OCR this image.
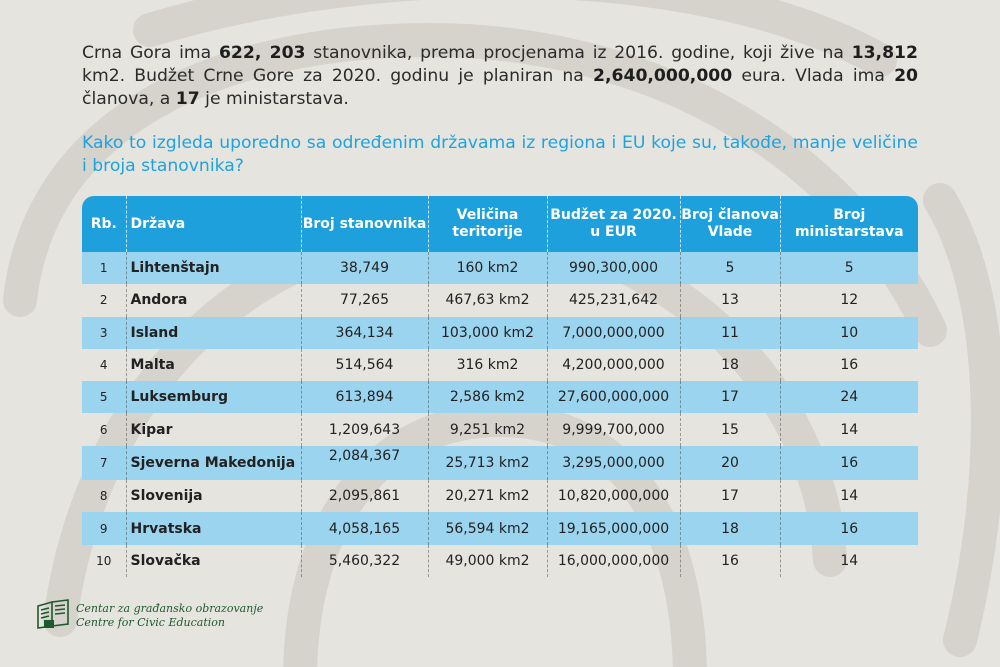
Crna Gora ima 622, 203 stanovnika, prema procjenama iz 2016. godine, koji žive na 13,812 km2. Budžet Crne Gore za 2020. godinu je planiran na 2,640,000,000 eura. Vlada ima 20 članova, a 17 je ministarstava.

Kako to izgleda uporedno sa određenim državama iz regiona i EU koje su, takođe, manje veličine i broja stanovnika?

Rb.	Država	Broj stanovnika	Veličina teritorije	Budžet za 2020. u EUR	Broj članova Vlade	Broj ministarstava
1	Lihtenštajn	38,749	160 km2	990,300,000	5	5
2	Andora	77,265	467,63 km2	425,231,642	13	12
3	Island	364,134	103,000 km2	7,000,000,000	11	10
4	Malta	514,564	316 km2	4,200,000,000	18	16
5	Luksemburg	613,894	2,586 km2	27,600,000,000	17	24
6	Kipar	1,209,643	9,251 km2	9,999,700,000	15	14
7	Sjeverna Makedonija	2,084,367	25,713 km2	3,295,000,000	20	16
8	Slovenija	2,095,861	20,271 km2	10,820,000,000	17	14
9	Hrvatska	4,058,165	56,594 km2	19,165,000,000	18	16
10	Slovačka	5,460,322	49,000 km2	16,000,000,000	16	14
Centar za građansko obrazovanje
Centre for Civic Education
